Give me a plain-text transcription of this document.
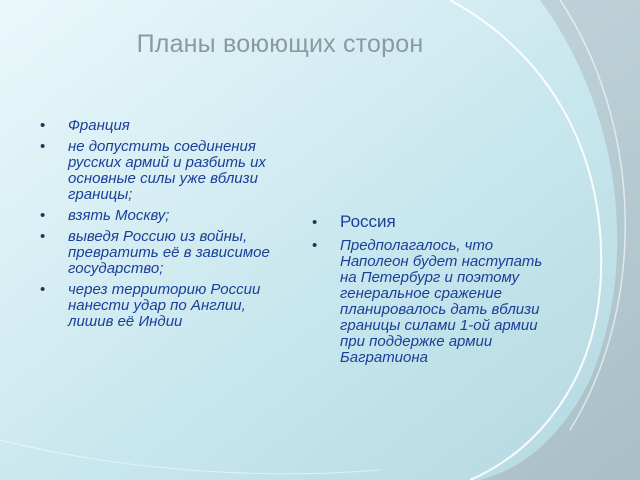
Планы воюющих сторон
• Франция
• не допустить соединения русских армий и разбить их основные силы уже вблизи границы;
• взять Москву;
• выведя Россию из войны, превратить её в зависимое государство;
• через территорию России нанести удар по Англии, лишив её Индии
• Россия
• Предполагалось, что Наполеон будет наступать на Петербург и поэтому генеральное сражение планировалось дать вблизи границы силами 1-ой армии при поддержке армии Багратиона
